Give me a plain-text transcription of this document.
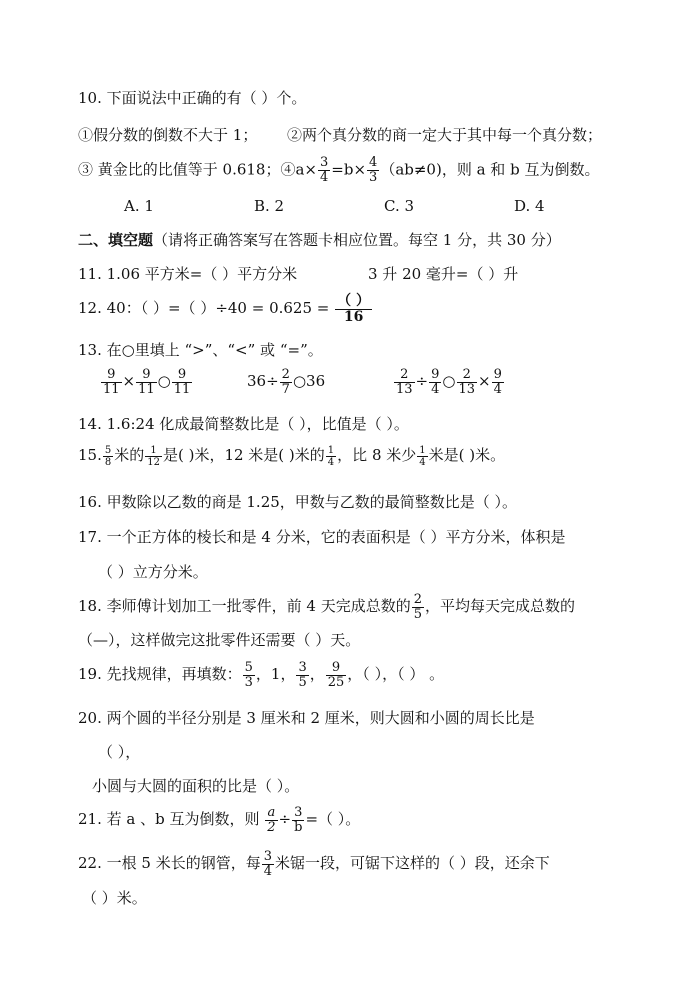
10. 下面说法中正确的有（ ）个。
①假分数的倒数不大于 1； ②两个真分数的商一定大于其中每一个真分数；
③ 黄金比的比值等于 0.618；④a× $\frac{3}{4} =b\times \frac{4}{3} (ab\ne 0)$，则 a 和 b 互为倒数。
A. 1	B. 2	C. 3	D. 4
二、填空题（请将正确答案写在答题卡相应位置。每空 1 分，共 30 分）
11. 1.06 平方米=（ ）平方分米	3 升 20 毫升=（ ）升
12. 40：（ ）=（ ）÷40 = 0.625 = （ ）
16
13. 在○里填上 “>”、“<” 或 “=”。
$\frac{9}{11} \times \frac{9}{11}$ ○ $\frac{9}{11}$	$36\div \frac{2}{7}$ ○36	$\frac{2}{13} \div \frac{9}{4}$ ○ $\frac{2}{13} \times \frac{9}{4}$
14. 1.6:24 化成最简整数比是（ ），比值是（ ）。
15. $\frac{5}{8}$ 米的 $\frac{1}{12}$ 是( )米，12 米是( )米的 $\frac{1}{4}$ ，比 8 米少 $\frac{1}{4}$ 米是( )米。
16. 甲数除以乙数的商是 1.25，甲数与乙数的最简整数比是（ ）。
17. 一个正方体的棱长和是 4 分米，它的表面积是（ ）平方分米，体积是
（ ）立方分米。
18. 李师傅计划加工一批零件，前 4 天完成总数的 $\frac{2}{5}$ ，平均每天完成总数的
（—），这样做完这批零件还需要（ ）天。
19. 先找规律，再填数： $\frac{5}{3}$ ，1， $\frac{3}{5}$ ， $\frac{9}{25}$ ，（ ），（ ） 。
20. 两个圆的半径分别是 3 厘米和 2 厘米，则大圆和小圆的周长比是
（ ），
小圆与大圆的面积的比是（ ）。
21. 若 a 、b 互为倒数，则 $\frac{a}{2} \div \frac{3}{b}$ =（ ）。
22. 一根 5 米长的钢管，每 $\frac{3}{4}$ 米锯一段，可锯下这样的（ ）段，还余下
（ ）米。
